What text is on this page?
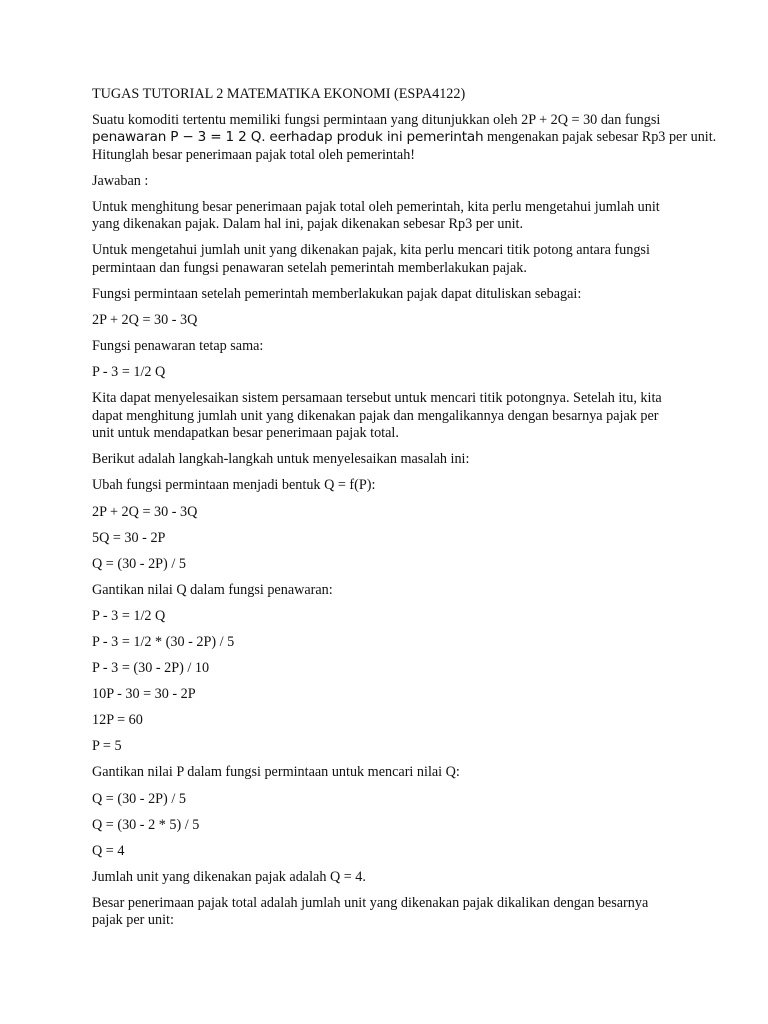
TUGAS TUTORIAL 2 MATEMATIKA EKONOMI (ESPA4122)

Suatu komoditi tertentu memiliki fungsi permintaan yang ditunjukkan oleh 2P + 2Q = 30 dan fungsi
penawaran P − 3 = 1 2 Q. eerhadap produk ini pemerintah mengenakan pajak sebesar Rp3 per unit.
Hitunglah besar penerimaan pajak total oleh pemerintah!

Jawaban :

Untuk menghitung besar penerimaan pajak total oleh pemerintah, kita perlu mengetahui jumlah unit
yang dikenakan pajak. Dalam hal ini, pajak dikenakan sebesar Rp3 per unit.

Untuk mengetahui jumlah unit yang dikenakan pajak, kita perlu mencari titik potong antara fungsi
permintaan dan fungsi penawaran setelah pemerintah memberlakukan pajak.

Fungsi permintaan setelah pemerintah memberlakukan pajak dapat dituliskan sebagai:

2P + 2Q = 30 - 3Q

Fungsi penawaran tetap sama:

P - 3 = 1/2 Q

Kita dapat menyelesaikan sistem persamaan tersebut untuk mencari titik potongnya. Setelah itu, kita
dapat menghitung jumlah unit yang dikenakan pajak dan mengalikannya dengan besarnya pajak per
unit untuk mendapatkan besar penerimaan pajak total.

Berikut adalah langkah-langkah untuk menyelesaikan masalah ini:

Ubah fungsi permintaan menjadi bentuk Q = f(P):

2P + 2Q = 30 - 3Q

5Q = 30 - 2P

Q = (30 - 2P) / 5

Gantikan nilai Q dalam fungsi penawaran:

P - 3 = 1/2 Q

P - 3 = 1/2 * (30 - 2P) / 5

P - 3 = (30 - 2P) / 10

10P - 30 = 30 - 2P

12P = 60

P = 5

Gantikan nilai P dalam fungsi permintaan untuk mencari nilai Q:

Q = (30 - 2P) / 5

Q = (30 - 2 * 5) / 5

Q = 4

Jumlah unit yang dikenakan pajak adalah Q = 4.

Besar penerimaan pajak total adalah jumlah unit yang dikenakan pajak dikalikan dengan besarnya
pajak per unit:
